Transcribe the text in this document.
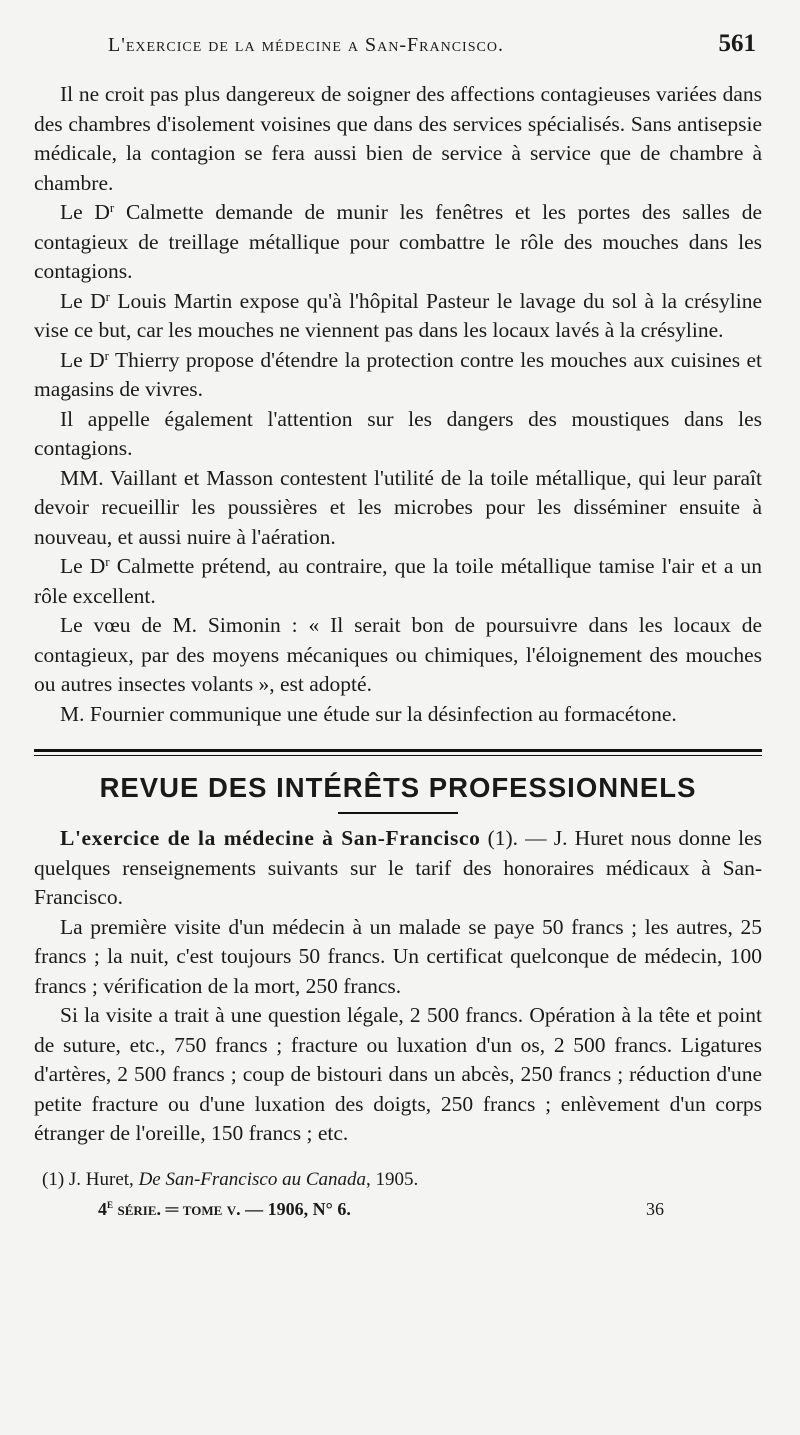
L'exercice de la médecine a San-Francisco.	561

Il ne croit pas plus dangereux de soigner des affections contagieuses variées dans des chambres d'isolement voisines que dans des services spécialisés. Sans antisepsie médicale, la contagion se fera aussi bien de service à service que de chambre à chambre.

Le $D^r$ Calmette demande de munir les fenêtres et les portes des salles de contagieux de treillage métallique pour combattre le rôle des mouches dans les contagions.

Le $D^r$ Louis Martin expose qu'à l'hôpital Pasteur le lavage du sol à la crésyline vise ce but, car les mouches ne viennent pas dans les locaux lavés à la crésyline.

Le $D^r$ Thierry propose d'étendre la protection contre les mouches aux cuisines et magasins de vivres.

Il appelle également l'attention sur les dangers des moustiques dans les contagions.

MM. Vaillant et Masson contestent l'utilité de la toile métallique, qui leur paraît devoir recueillir les poussières et les microbes pour les disséminer ensuite à nouveau, et aussi nuire à l'aération.

Le $D^r$ Calmette prétend, au contraire, que la toile métallique tamise l'air et a un rôle excellent.

Le vœu de M. Simonin : « Il serait bon de poursuivre dans les locaux de contagieux, par des moyens mécaniques ou chimiques, l'éloignement des mouches ou autres insectes volants », est adopté.

M. Fournier communique une étude sur la désinfection au formacétone.

REVUE DES INTÉRÊTS PROFESSIONNELS

L'exercice de la médecine à San-Francisco (1). — J. Huret nous donne les quelques renseignements suivants sur le tarif des honoraires médicaux à San-Francisco.

La première visite d'un médecin à un malade se paye 50 francs ; les autres, 25 francs ; la nuit, c'est toujours 50 francs. Un certificat quelconque de médecin, 100 francs ; vérification de la mort, 250 francs.

Si la visite a trait à une question légale, 2 500 francs. Opération à la tête et point de suture, etc., 750 francs ; fracture ou luxation d'un os, 2 500 francs. Ligatures d'artères, 2 500 francs ; coup de bistouri dans un abcès, 250 francs ; réduction d'une petite fracture ou d'une luxation des doigts, 250 francs ; enlèvement d'un corps étranger de l'oreille, 150 francs ; etc.

(1) J. Huret, De San-Francisco au Canada, 1905.
4e série. ═ tome v. — 1906, N° 6.	36
